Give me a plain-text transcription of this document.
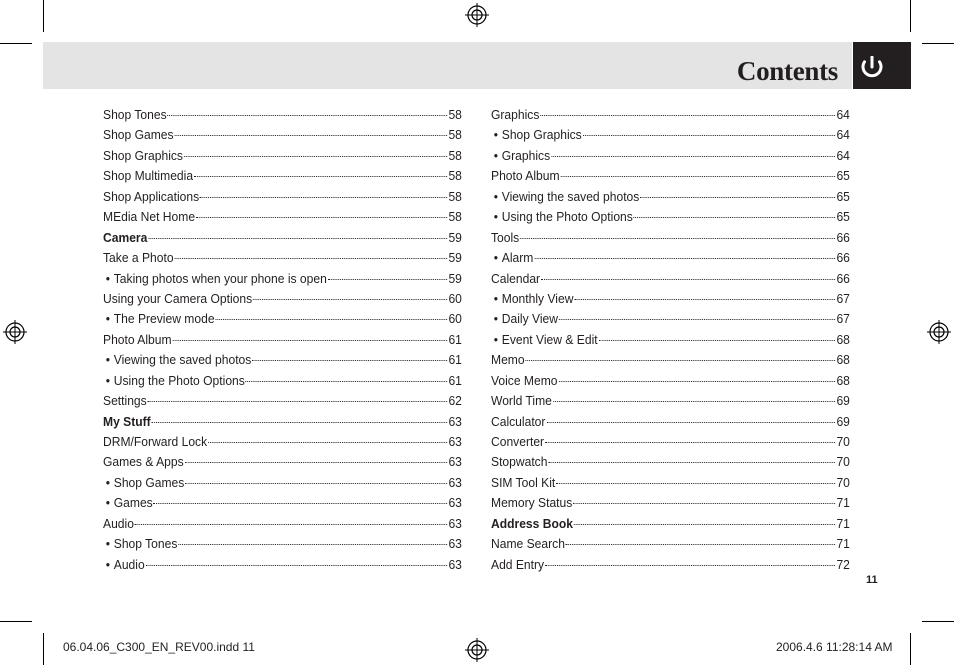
Contents
Shop Tones	58
Shop Games	58
Shop Graphics	58
Shop Multimedia	58
Shop Applications	58
MEdia Net Home	58
Camera	59
Take a Photo	59
• Taking photos when your phone is open	59
Using your Camera Options	60
• The Preview mode	60
Photo Album	61
• Viewing the saved photos	61
• Using the Photo Options	61
Settings	62
My Stuff	63
DRM/Forward Lock	63
Games & Apps	63
• Shop Games	63
• Games	63
Audio	63
• Shop Tones	63
• Audio	63
Graphics	64
• Shop Graphics	64
• Graphics	64
Photo Album	65
• Viewing the saved photos	65
• Using the Photo Options	65
Tools	66
• Alarm	66
Calendar	66
• Monthly View	67
• Daily View	67
• Event View & Edit	68
Memo	68
Voice Memo	68
World Time	69
Calculator	69
Converter	70
Stopwatch	70
SIM Tool Kit	70
Memory Status	71
Address Book	71
Name Search	71
Add Entry	72
11
06.04.06_C300_EN_REV00.indd 11	2006.4.6 11:28:14 AM
